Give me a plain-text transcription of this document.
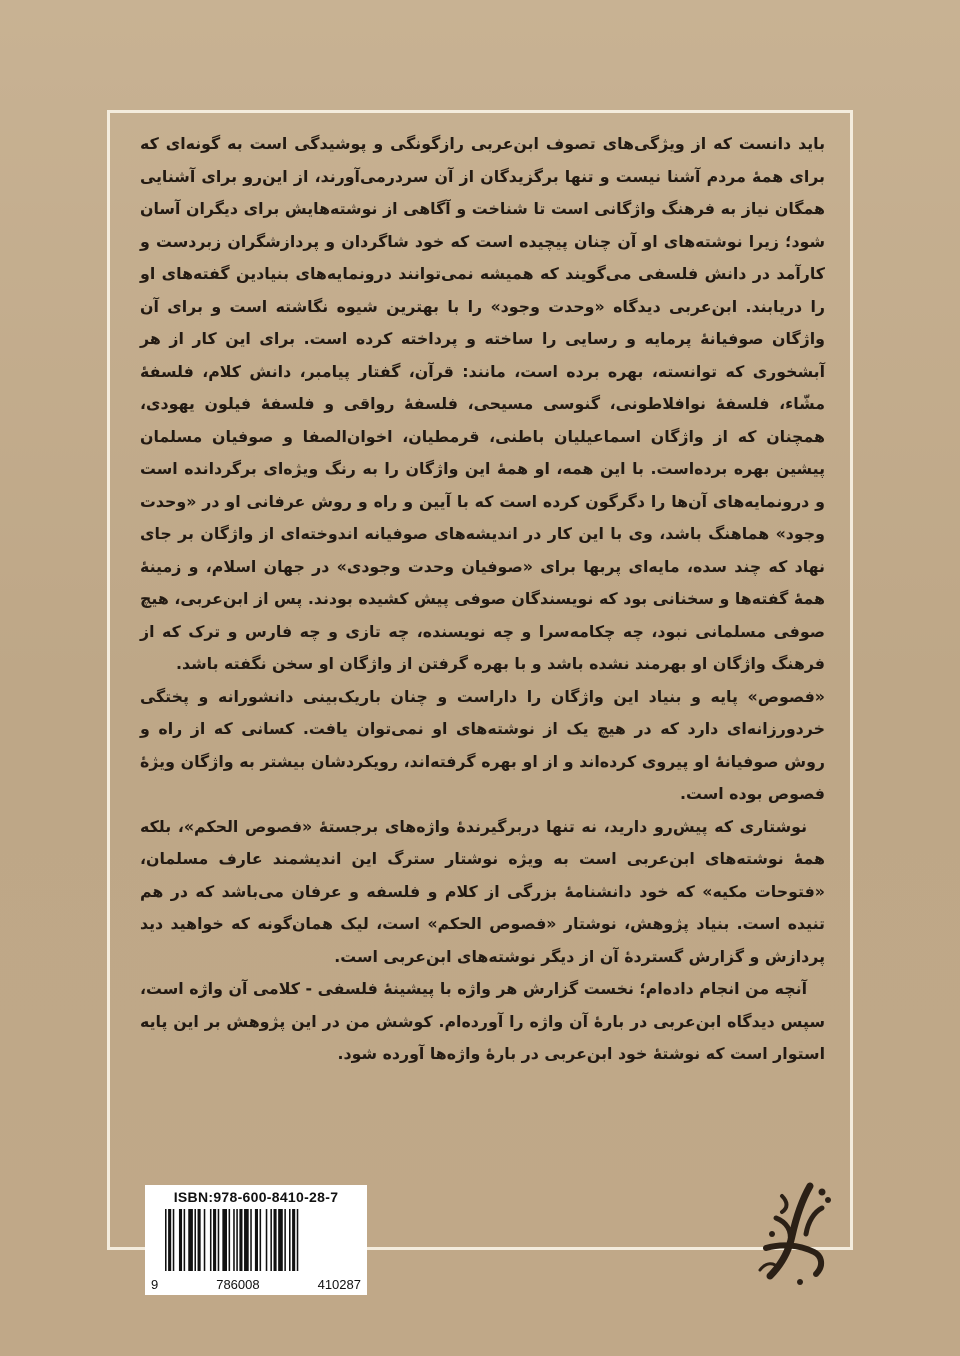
باید دانست که از ویژگی‌های تصوف ابن‌عربی رازگونگی و پوشیدگی است به گونه‌ای که برای همهٔ مردم آشنا نیست و تنها برگزیدگان از آن سردرمی‌آورند، از این‌رو برای آشنایی همگان نیاز به فرهنگ واژگانی است تا شناخت و آگاهی از نوشته‌هایش برای دیگران آسان شود؛ زیرا نوشته‌های او آن چنان پیچیده است که خود شاگردان و پردازشگران زبردست و کارآمد در دانش فلسفی می‌گویند که همیشه نمی‌توانند درونمایه‌های بنیادین گفته‌های او را دریابند. ابن‌عربی دیدگاه «وحدت وجود» را با بهترین شیوه نگاشته است و برای آن واژگان صوفیانهٔ پرمایه و رسایی را ساخته و پرداخته کرده است. برای این کار از هر آبشخوری که توانسته، بهره برده است، مانند: قرآن، گفتار پیامبر، دانش کلام، فلسفهٔ مشّاء، فلسفهٔ نوافلاطونی، گنوسی مسیحی، فلسفهٔ رواقی و فلسفهٔ فیلون یهودی، همچنان که از واژگان اسماعیلیان باطنی، قرمطیان، اخوان‌الصفا و صوفیان مسلمان پیشین بهره برده‌است. با این همه، او همهٔ این واژگان را به رنگ ویژه‌ای برگردانده است و درونمایه‌های آن‌ها را دگرگون کرده است که با آیین و راه و روش عرفانی او در «وحدت وجود» هماهنگ باشد، وی با این کار در اندیشه‌های صوفیانه اندوخته‌ای از واژگان بر جای نهاد که چند سده، مایه‌ای پربها برای «صوفیان وحدت وجودی» در جهان اسلام، و زمینهٔ همهٔ گفته‌ها و سخنانی بود که نویسندگان صوفی پیش کشیده بودند. پس از ابن‌عربی، هیچ صوفی مسلمانی نبود، چه چکامه‌سرا و چه نویسنده، چه تازی و چه فارس و ترک که از فرهنگ واژگان او بهرمند نشده باشد و با بهره گرفتن از واژگان او سخن نگفته باشد.

«فصوص» پایه و بنیاد این واژگان را داراست و چنان باریک‌بینی دانشورانه و پختگی خردورزانه‌ای دارد که در هیچ یک از نوشته‌های او نمی‌توان یافت. کسانی که از راه و روش صوفیانهٔ او پیروی کرده‌اند و از او بهره گرفته‌اند، رویکردشان بیشتر به واژگان ویژهٔ فصوص بوده است.

نوشتاری که پیش‌رو دارید، نه تنها دربرگیرندهٔ واژه‌های برجستهٔ «فصوص الحکم»، بلکه همهٔ نوشته‌های ابن‌عربی است به ویژه نوشتار سترگ این اندیشمند عارف مسلمان، «فتوحات مکیه» که خود دانشنامهٔ بزرگی از کلام و فلسفه و عرفان می‌باشد که در هم تنیده است. بنیاد پژوهش، نوشتار «فصوص الحکم» است، لیک همان‌گونه که خواهید دید پردازش و گزارش گستردهٔ آن از دیگر نوشته‌های ابن‌عربی است.

آنچه من انجام داده‌ام؛ نخست گزارش هر واژه با پیشینهٔ فلسفی - کلامی آن واژه است، سپس دیدگاه ابن‌عربی در بارهٔ آن واژه را آورده‌ام. کوشش من در این پژوهش بر این پایه استوار است که نوشتهٔ خود ابن‌عربی در بارهٔ واژه‌ها آورده شود.

ISBN:978-600-8410-28-7
9	786008	410287
